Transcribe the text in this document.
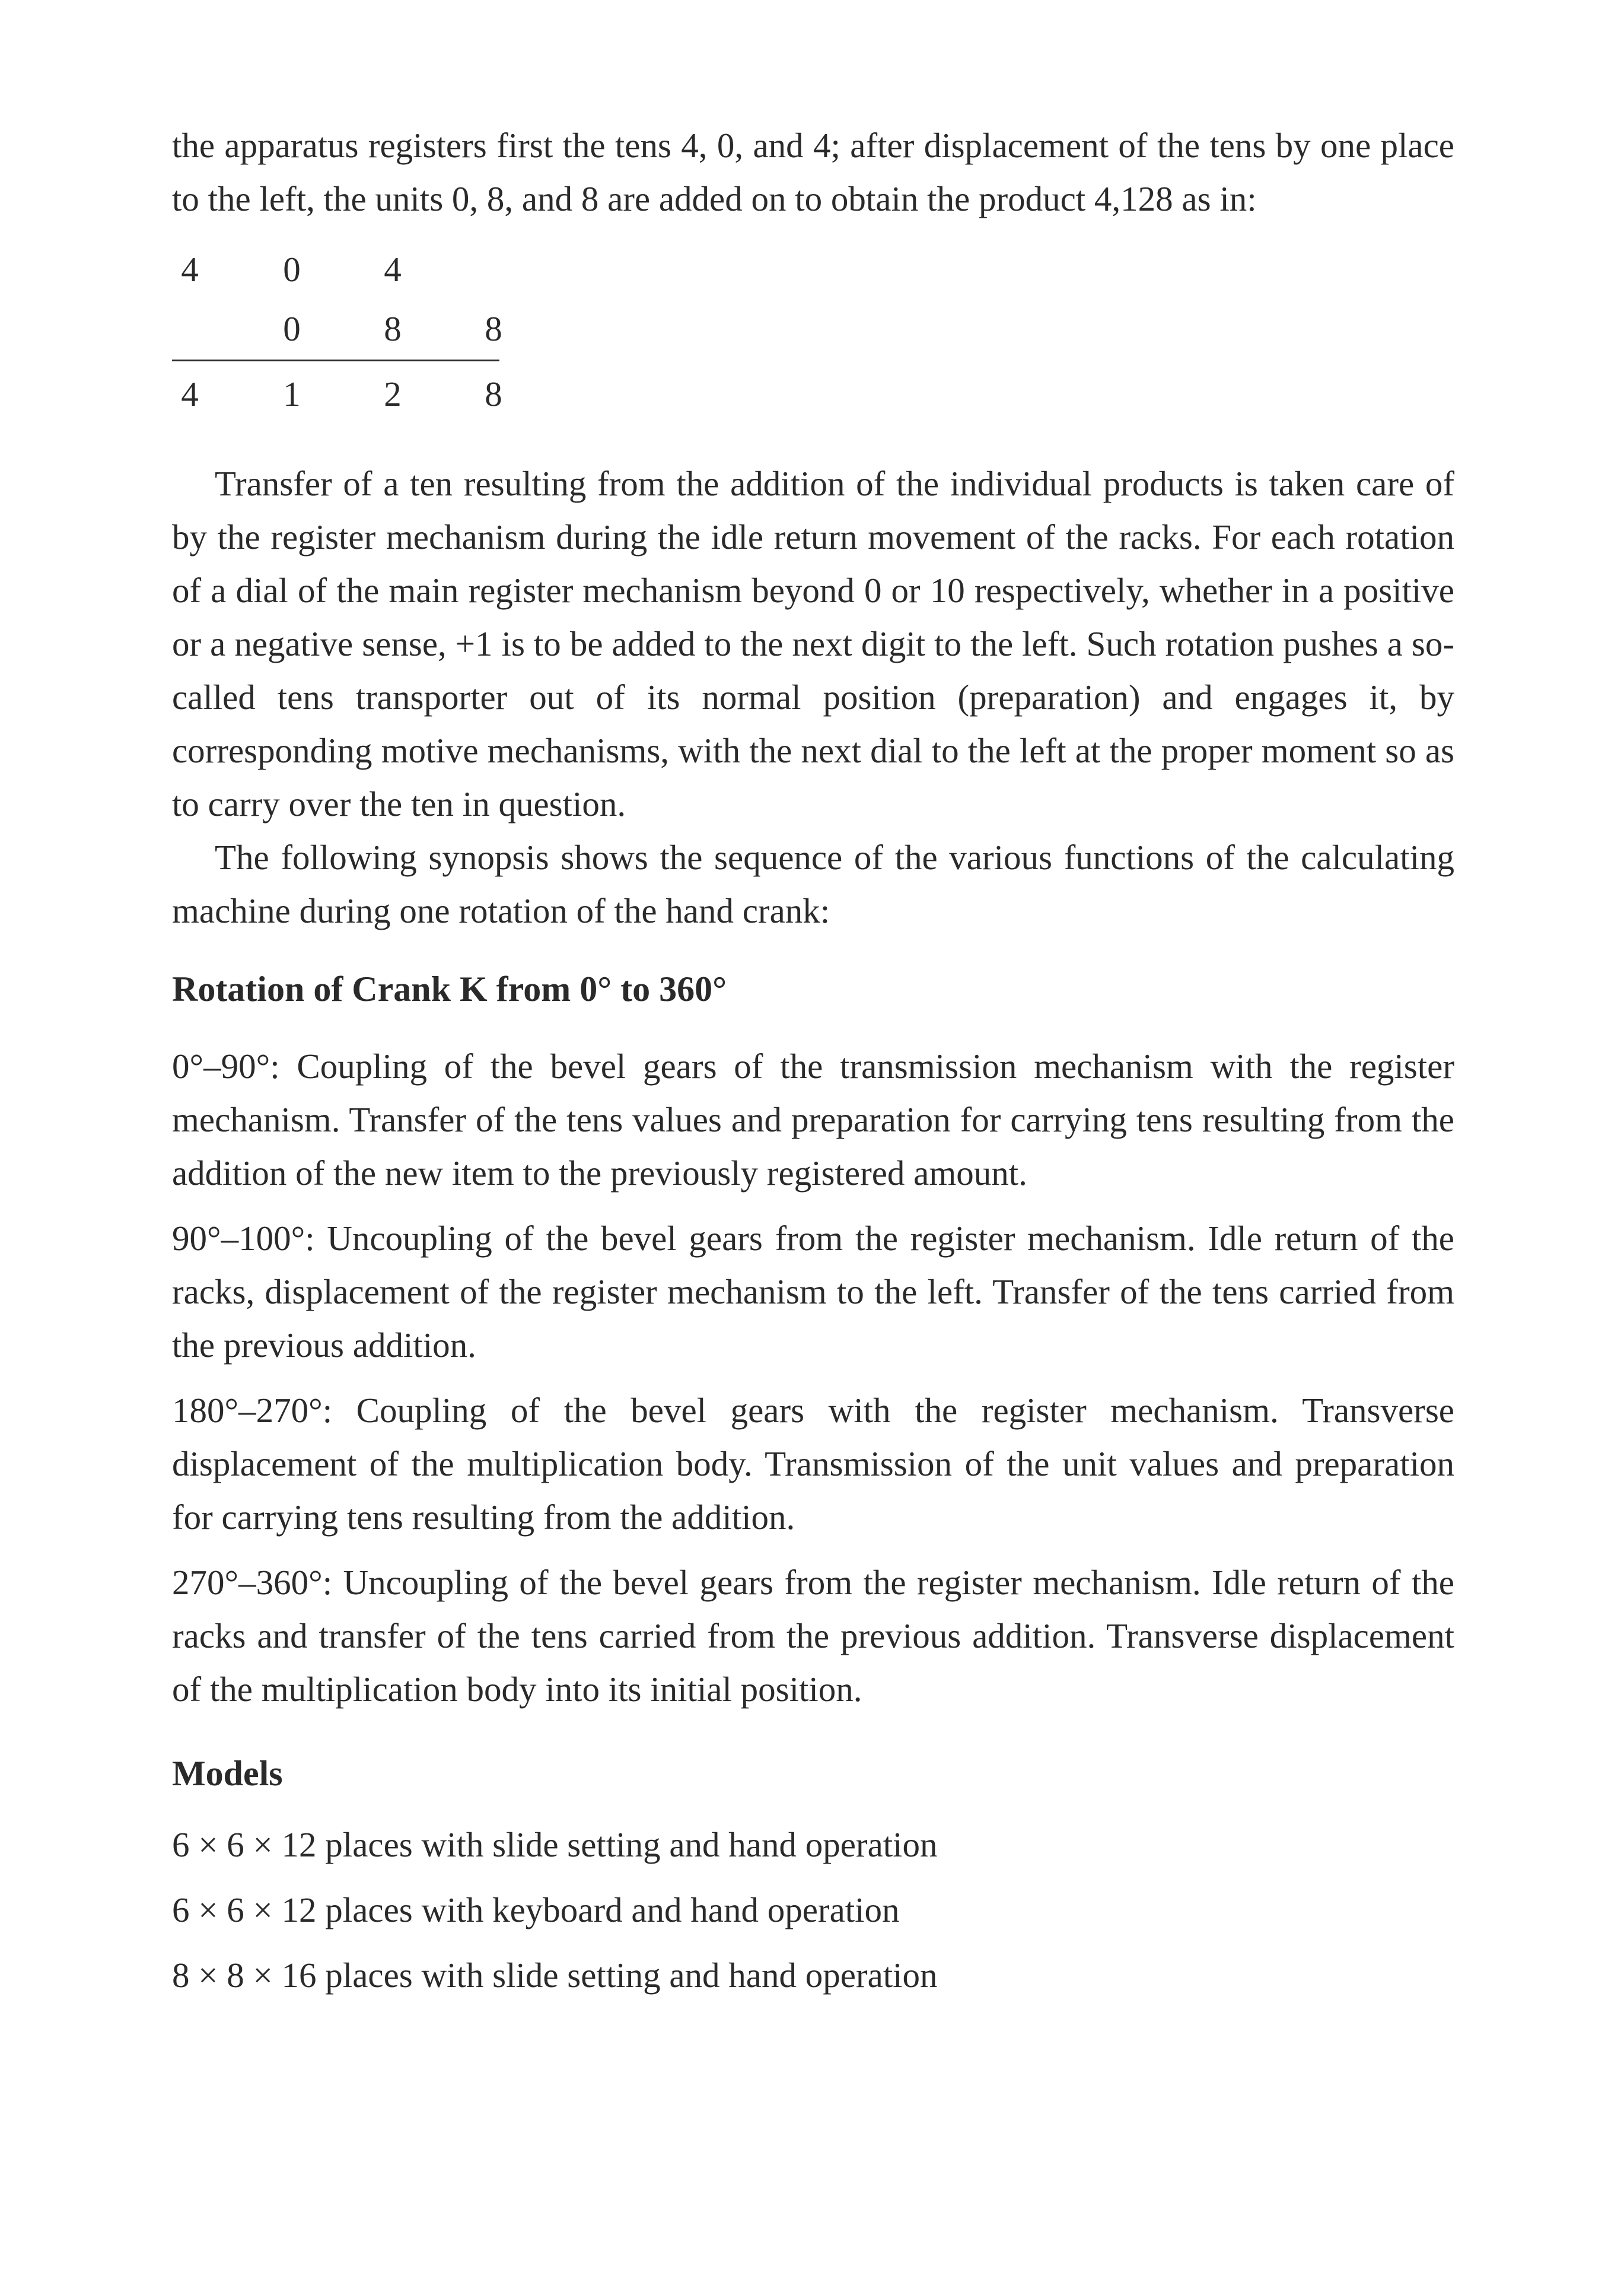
the apparatus registers first the tens 4, 0, and 4; after displacement of the tens by one place to the left, the units 0, 8, and 8 are added on to obtain the product 4,128 as in:

4 0 4
0 8 8
4 1 2 8

Transfer of a ten resulting from the addition of the individual products is taken care of by the register mechanism during the idle return movement of the racks. For each rotation of a dial of the main register mechanism beyond 0 or 10 respectively, whether in a positive or a negative sense, +1 is to be added to the next digit to the left. Such rotation pushes a so-called tens transporter out of its normal position (preparation) and engages it, by corresponding motive mechanisms, with the next dial to the left at the proper moment so as to carry over the ten in question.

The following synopsis shows the sequence of the various functions of the calculating machine during one rotation of the hand crank:

Rotation of Crank K from 0° to 360°

0°–90°: Coupling of the bevel gears of the transmission mechanism with the register mechanism. Transfer of the tens values and preparation for carrying tens resulting from the addition of the new item to the previously registered amount.

90°–100°: Uncoupling of the bevel gears from the register mechanism. Idle return of the racks, displacement of the register mechanism to the left. Transfer of the tens carried from the previous addition.

180°–270°: Coupling of the bevel gears with the register mechanism. Transverse displacement of the multiplication body. Transmission of the unit values and preparation for carrying tens resulting from the addition.

270°–360°: Uncoupling of the bevel gears from the register mechanism. Idle return of the racks and transfer of the tens carried from the previous addition. Transverse displacement of the multiplication body into its initial position.

Models

6 × 6 × 12 places with slide setting and hand operation

6 × 6 × 12 places with keyboard and hand operation

8 × 8 × 16 places with slide setting and hand operation
